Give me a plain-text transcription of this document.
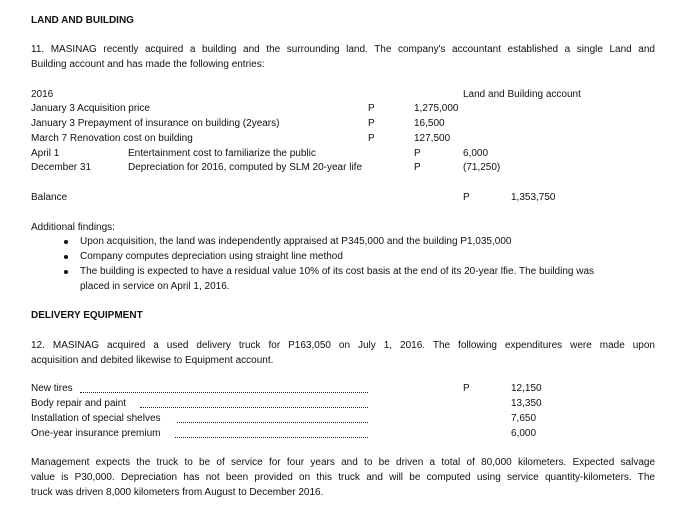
LAND AND BUILDING
11. MASINAG recently acquired a building and the surrounding land. The company's accountant established a single Land and
Building account and has made the following entries:
2016	Land and Building account
January 3 Acquisition price	P	1,275,000
January 3 Prepayment of insurance on building (2years)	P	16,500
March 7 Renovation cost on building	P	127,500
April 1	Entertainment cost to familiarize the public	P	6,000
December 31	Depreciation for 2016, computed by SLM 20-year life	P	(71,250)
Balance	P	1,353,750
Additional findings:
Upon acquisition, the land was independently appraised at P345,000 and the building P1,035,000
Company computes depreciation using straight line method
The building is expected to have a residual value 10% of its cost basis at the end of its 20-year lfie. The building was
placed in service on April 1, 2016.
DELIVERY EQUIPMENT
12. MASINAG acquired a used delivery truck for P163,050 on July 1, 2016. The following expenditures were made upon
acquisition and debited likewise to Equipment account.
New tires	P	12,150
Body repair and paint	13,350
Installation of special shelves	7,650
One-year insurance premium	6,000
Management expects the truck to be of service for four years and to be driven a total of 80,000 kilometers. Expected salvage
value is P30,000. Depreciation has not been provided on this truck and will be computed using service quantity-kilometers. The
truck was driven 8,000 kilometers from August to December 2016.
